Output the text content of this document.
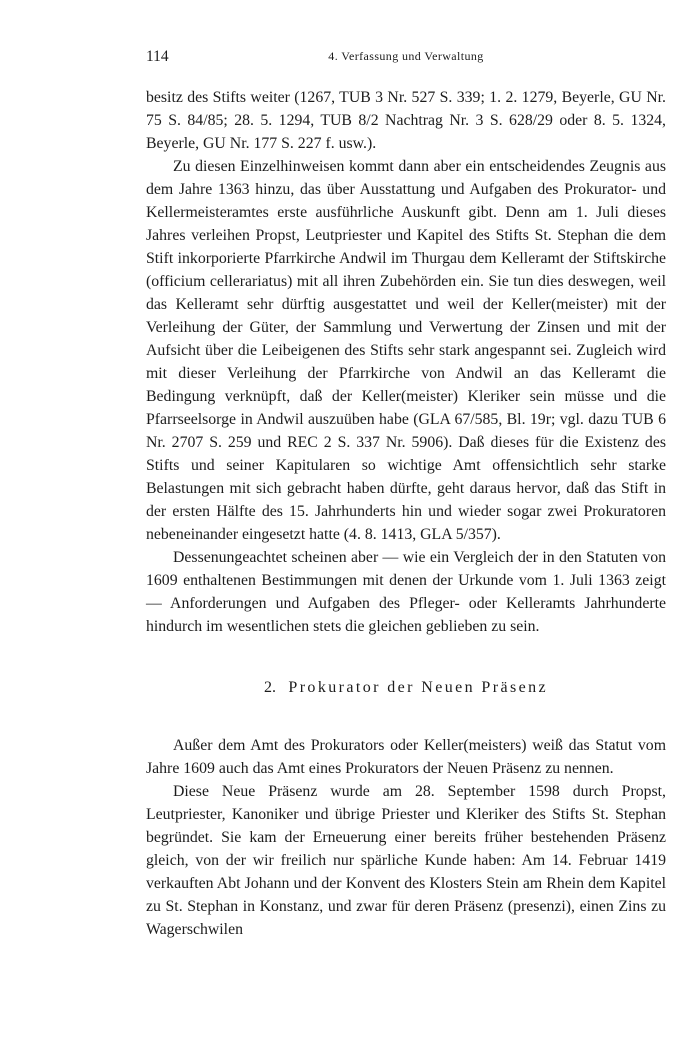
114	4. Verfassung und Verwaltung

besitz des Stifts weiter (1267, TUB 3 Nr. 527 S. 339; 1. 2. 1279, Beyerle, GU Nr. 75 S. 84/85; 28. 5. 1294, TUB 8/2 Nachtrag Nr. 3 S. 628/29 oder 8. 5. 1324, Beyerle, GU Nr. 177 S. 227 f. usw.).

Zu diesen Einzelhinweisen kommt dann aber ein entscheidendes Zeugnis aus dem Jahre 1363 hinzu, das über Ausstattung und Aufgaben des Prokurator- und Kellermeisteramtes erste ausführliche Auskunft gibt. Denn am 1. Juli dieses Jahres verleihen Propst, Leutpriester und Kapitel des Stifts St. Stephan die dem Stift inkorporierte Pfarrkirche Andwil im Thurgau dem Kelleramt der Stiftskirche (officium cellerariatus) mit all ihren Zubehörden ein. Sie tun dies deswegen, weil das Kelleramt sehr dürftig ausgestattet und weil der Keller(meister) mit der Verleihung der Güter, der Sammlung und Verwertung der Zinsen und mit der Aufsicht über die Leibeigenen des Stifts sehr stark angespannt sei. Zugleich wird mit dieser Verleihung der Pfarrkirche von Andwil an das Kelleramt die Bedingung verknüpft, daß der Keller(meister) Kleriker sein müsse und die Pfarrseelsorge in Andwil auszuüben habe (GLA 67/585, Bl. 19r; vgl. dazu TUB 6 Nr. 2707 S. 259 und REC 2 S. 337 Nr. 5906). Daß dieses für die Existenz des Stifts und seiner Kapitularen so wichtige Amt offensichtlich sehr starke Belastungen mit sich gebracht haben dürfte, geht daraus hervor, daß das Stift in der ersten Hälfte des 15. Jahrhunderts hin und wieder sogar zwei Prokuratoren nebeneinander eingesetzt hatte (4. 8. 1413, GLA 5/357).

Dessenungeachtet scheinen aber — wie ein Vergleich der in den Statuten von 1609 enthaltenen Bestimmungen mit denen der Urkunde vom 1. Juli 1363 zeigt — Anforderungen und Aufgaben des Pfleger- oder Kelleramts Jahrhunderte hindurch im wesentlichen stets die gleichen geblieben zu sein.

2. Prokurator der Neuen Präsenz

Außer dem Amt des Prokurators oder Keller(meisters) weiß das Statut vom Jahre 1609 auch das Amt eines Prokurators der Neuen Präsenz zu nennen.

Diese Neue Präsenz wurde am 28. September 1598 durch Propst, Leutpriester, Kanoniker und übrige Priester und Kleriker des Stifts St. Stephan begründet. Sie kam der Erneuerung einer bereits früher bestehenden Präsenz gleich, von der wir freilich nur spärliche Kunde haben: Am 14. Februar 1419 verkauften Abt Johann und der Konvent des Klosters Stein am Rhein dem Kapitel zu St. Stephan in Konstanz, und zwar für deren Präsenz (presenzi), einen Zins zu Wagerschwilen
